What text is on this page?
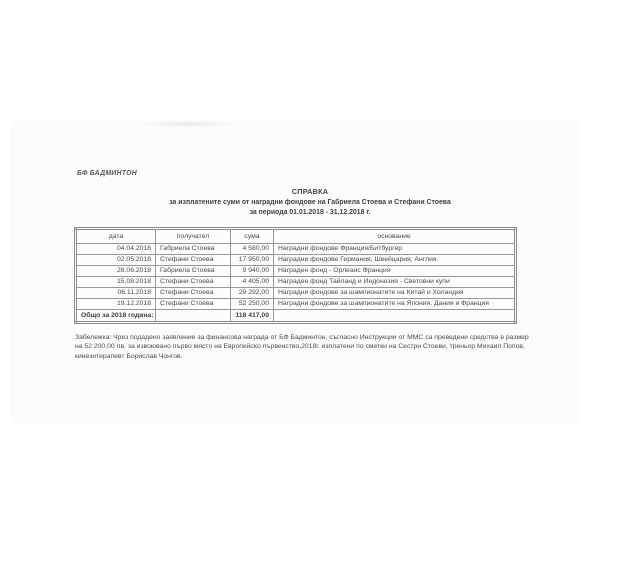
БФ БАДМИНТОН
СПРАВКА
за изплатените суми от наградни фондове на Габриела Стоева и Стефани Стоева
за периода 01.01.2018 - 31.12.2018 г.
дата	получател	сума	основание
04.04.2018	Габриела Стоева	4 580,00	Наградни фондове Франция/Битбургер
02.05.2018	Стефани Стоева	17 950,00	Наградни фондове Германия, Швейцария, Англия
28.06.2018	Габриела Стоева	9 940,00	Награден фонд - Орлеанс Франция
15.08.2018	Стефани Стоева	4 405,00	Награден фонд Тайланд и Индонезия - Световни купи
06.11.2018	Стефани Стоева	29 292,00	Наградни фондове за шампионатите на Китай и Холандия
19.12.2018	Стефани Стоева	52 250,00	Наградни фондове за шампионатите на Япония, Дания и Франция
Общо за 2018 година:		118 417,00	

Забележка: Чрез подадено заявление за финансова награда от БФ Бадминтон, съгласно Инструкции от ММС са преведени средства в размер на 52 200,00 лв. за извоювано първо място на Европейско първенство,2018г. изплатени по сметки на Сестри Стоеви, треньор Михаил Попов, кинезитерапевт Борислав Чонгов.
